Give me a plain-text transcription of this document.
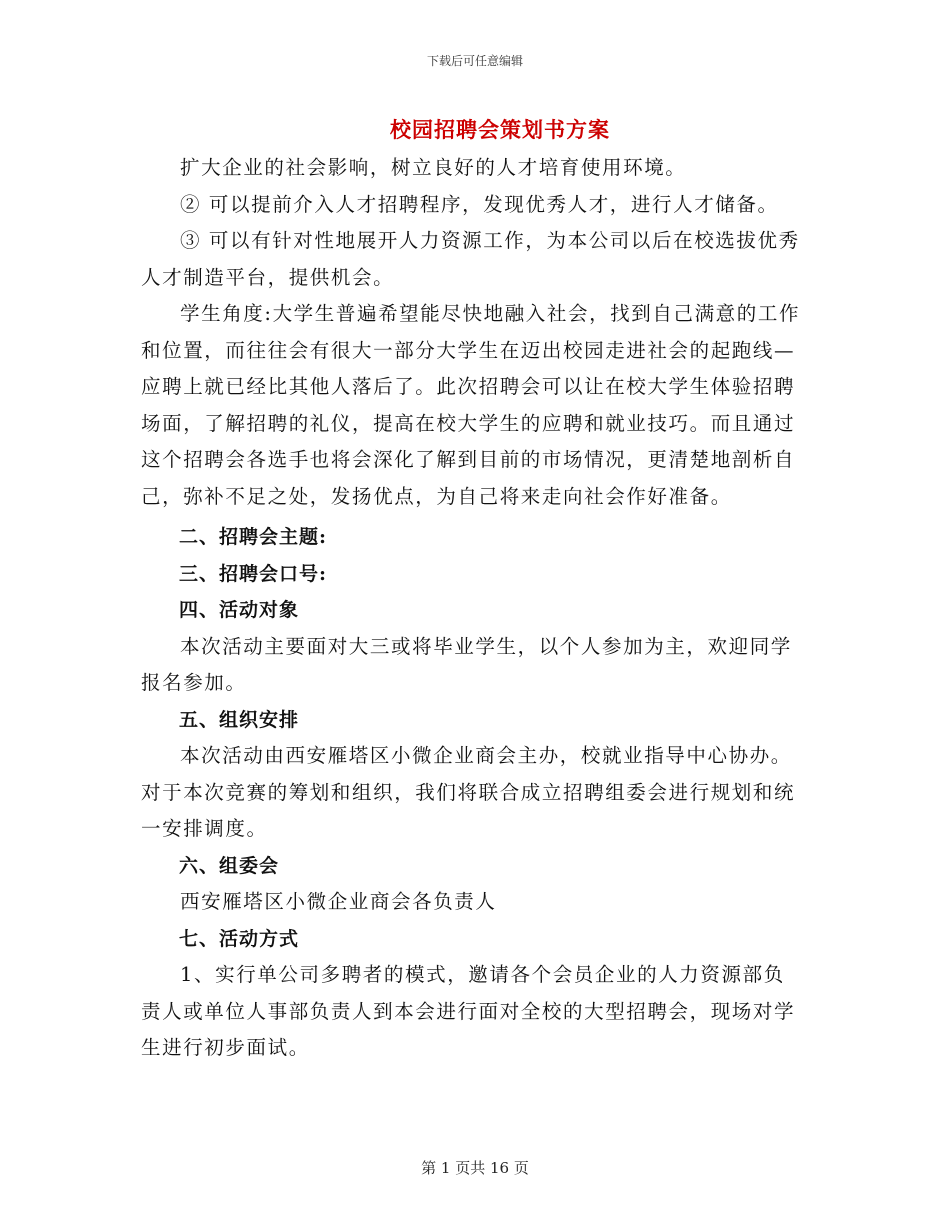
下载后可任意编辑
校园招聘会策划书方案

扩大企业的社会影响，树立良好的人才培育使用环境。

② 可以提前介入人才招聘程序，发现优秀人才，进行人才储备。

③ 可以有针对性地展开人力资源工作，为本公司以后在校选拔优秀人才制造平台，提供机会。

学生角度:大学生普遍希望能尽快地融入社会，找到自己满意的工作和位置，而往往会有很大一部分大学生在迈出校园走进社会的起跑线—应聘上就已经比其他人落后了。此次招聘会可以让在校大学生体验招聘场面，了解招聘的礼仪，提高在校大学生的应聘和就业技巧。而且通过这个招聘会各选手也将会深化了解到目前的市场情况，更清楚地剖析自己，弥补不足之处，发扬优点，为自己将来走向社会作好准备。

二、招聘会主题:

三、招聘会口号:

四、活动对象

本次活动主要面对大三或将毕业学生，以个人参加为主，欢迎同学报名参加。

五、组织安排

本次活动由西安雁塔区小微企业商会主办，校就业指导中心协办。对于本次竞赛的筹划和组织，我们将联合成立招聘组委会进行规划和统一安排调度。

六、组委会

西安雁塔区小微企业商会各负责人

七、活动方式

1、实行单公司多聘者的模式，邀请各个会员企业的人力资源部负责人或单位人事部负责人到本会进行面对全校的大型招聘会，现场对学生进行初步面试。

第 1 页共 16 页
